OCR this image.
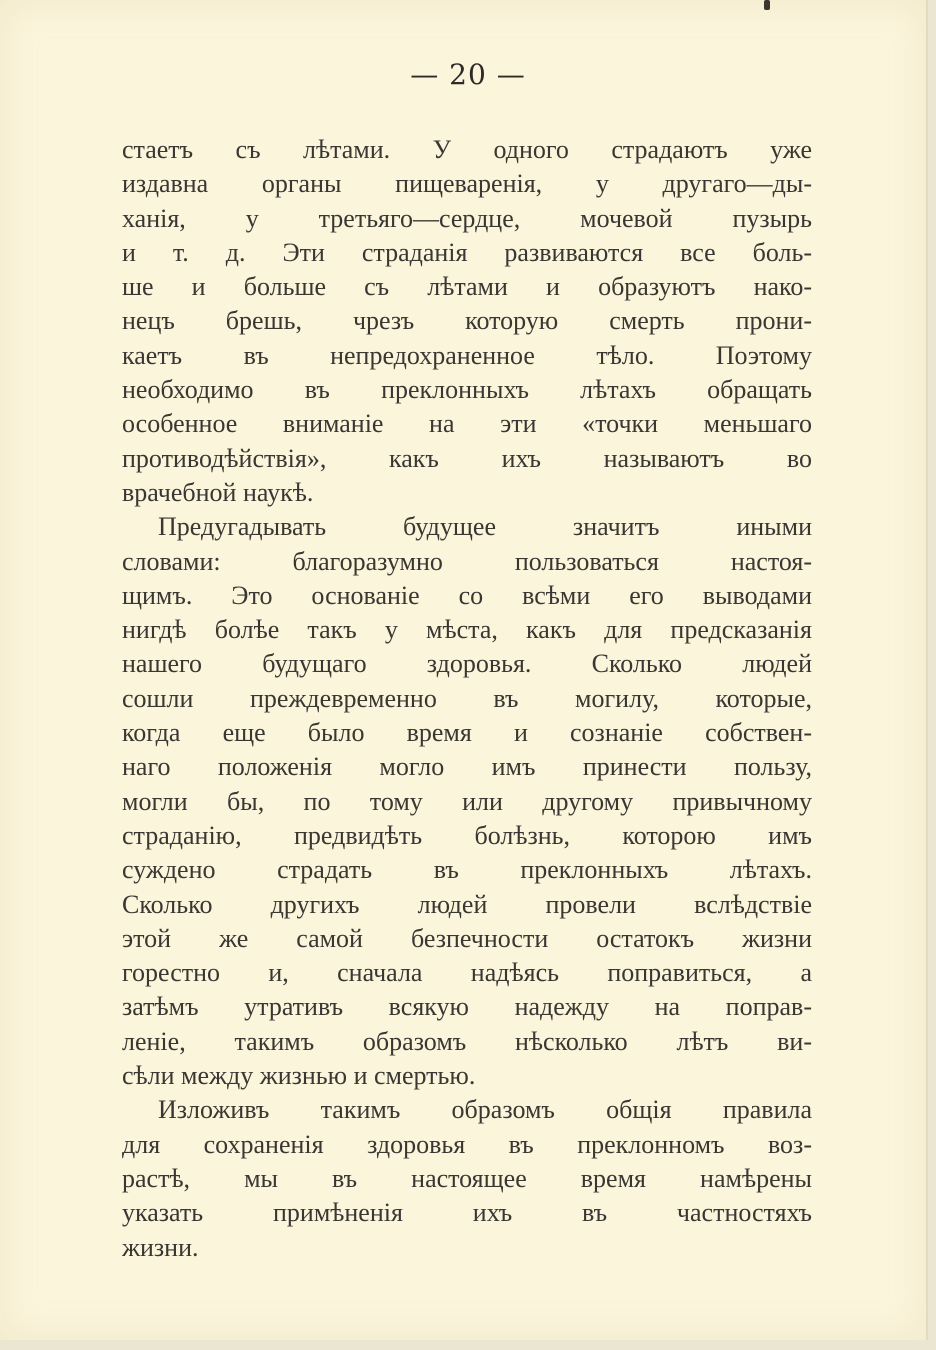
— 20 —
стаетъ съ лѣтами. У одного страдаютъ уже
издавна органы пищеваренія, у другаго—ды-
ханія, у третьяго—сердце, мочевой пузырь
и т. д. Эти страданія развиваются все боль-
ше и больше съ лѣтами и образуютъ нако-
нецъ брешь, чрезъ которую смерть прони-
каетъ въ непредохраненное тѣло. Поэтому
необходимо въ преклонныхъ лѣтахъ обращать
особенное вниманіе на эти «точки меньшаго
противодѣйствія», какъ ихъ называютъ во
врачебной наукѣ.
Предугадывать будущее значитъ иными
словами: благоразумно пользоваться настоя-
щимъ. Это основаніе со всѣми его выводами
нигдѣ болѣе такъ у мѣста, какъ для предсказанія
нашего будущаго здоровья. Сколько людей
сошли преждевременно въ могилу, которые,
когда еще было время и сознаніе собствен-
наго положенія могло имъ принести пользу,
могли бы, по тому или другому привычному
страданію, предвидѣть болѣзнь, которою имъ
суждено страдать въ преклонныхъ лѣтахъ.
Сколько другихъ людей провели вслѣдствіе
этой же самой безпечности остатокъ жизни
горестно и, сначала надѣясь поправиться, а
затѣмъ утративъ всякую надежду на поправ-
леніе, такимъ образомъ нѣсколько лѣтъ ви-
сѣли между жизнью и смертью.
Изложивъ такимъ образомъ общія правила
для сохраненія здоровья въ преклонномъ воз-
растѣ, мы въ настоящее время намѣрены
указать примѣненія ихъ въ частностяхъ
жизни.
